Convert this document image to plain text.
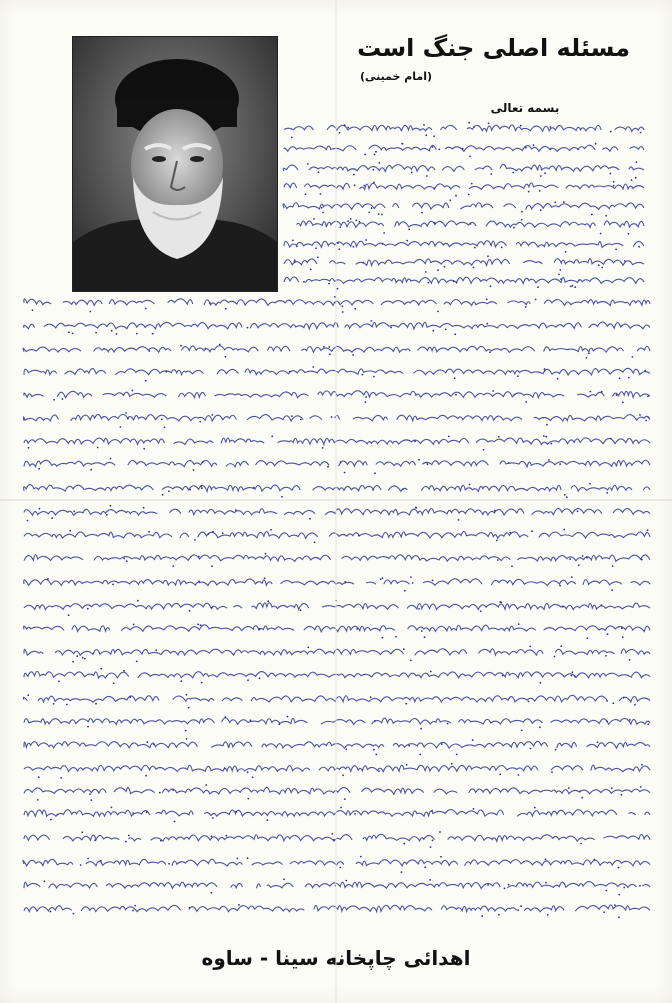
مسئله اصلی جنگ است
(امام خمینی)
بسمه تعالی
اهدائی چاپخانه سینا - ساوه
